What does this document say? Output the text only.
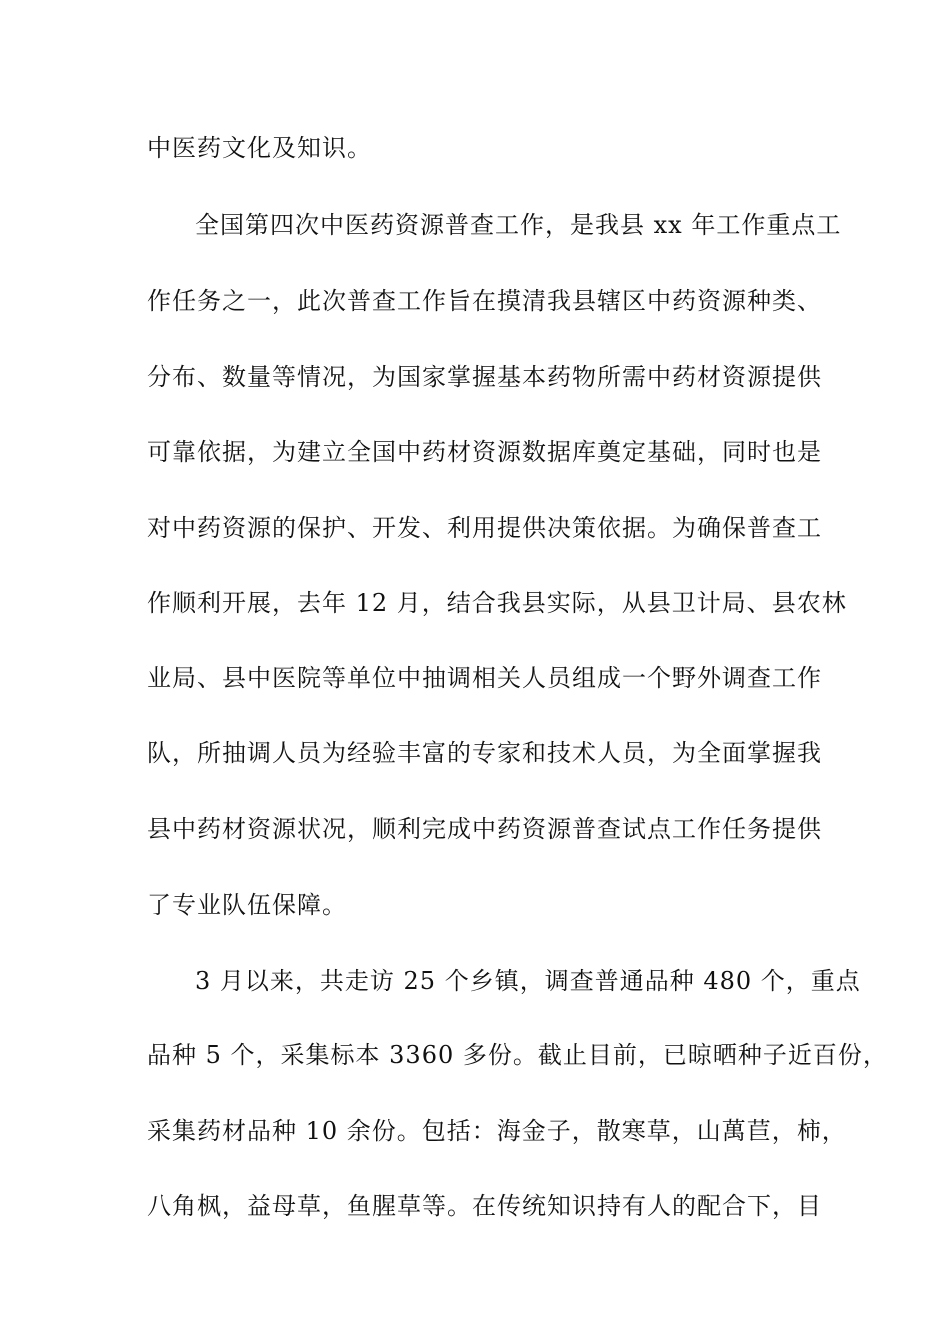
中医药文化及知识。
全国第四次中医药资源普查工作，是我县 xx 年工作重点工
作任务之一，此次普查工作旨在摸清我县辖区中药资源种类、
分布、数量等情况，为国家掌握基本药物所需中药材资源提供
可靠依据，为建立全国中药材资源数据库奠定基础，同时也是
对中药资源的保护、开发、利用提供决策依据。为确保普查工
作顺利开展，去年 12 月，结合我县实际，从县卫计局、县农林
业局、县中医院等单位中抽调相关人员组成一个野外调查工作
队，所抽调人员为经验丰富的专家和技术人员，为全面掌握我
县中药材资源状况，顺利完成中药资源普查试点工作任务提供
了专业队伍保障。
3 月以来，共走访 25 个乡镇，调查普通品种 480 个，重点
品种 5 个，采集标本 3360 多份。截止目前，已晾晒种子近百份，
采集药材品种 10 余份。包括：海金子，散寒草，山萬苣，柿，
八角枫，益母草，鱼腥草等。在传统知识持有人的配合下，目
